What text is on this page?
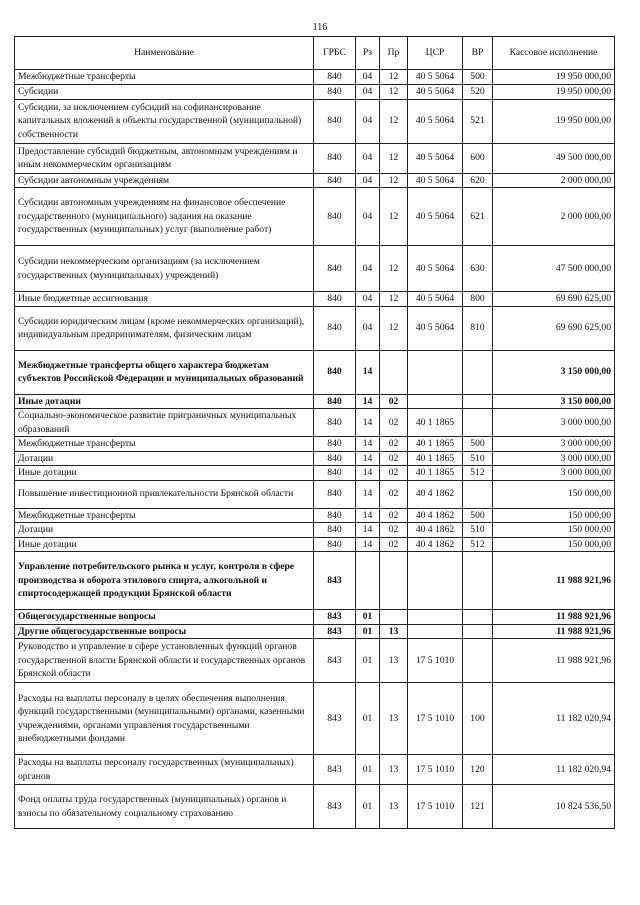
116
Наименование	ГРБС	Рз	Пр	ЦСР	ВР	Кассовое исполнение
Межбюджетные трансферты	840	04	12	40 5 5064	500	19 950 000,00
Субсидии	840	04	12	40 5 5064	520	19 950 000,00
Субсидии, за исключением субсидий на софинансирование капитальных вложений в объекты государственной (муниципальной) собственности	840	04	12	40 5 5064	521	19 950 000,00
Предоставление субсидий бюджетным, автономным учреждениям и иным некоммерческим организациям	840	04	12	40 5 5064	600	49 500 000,00
Субсидии автономным учреждениям	840	04	12	40 5 5064	620	2 000 000,00
Субсидии автономным учреждениям на финансовое обеспечение государственного (муниципального) задания на оказание государственных (муниципальных) услуг (выполнение работ)	840	04	12	40 5 5064	621	2 000 000,00
Субсидии некоммерческим организациям (за исключением государственных (муниципальных) учреждений)	840	04	12	40 5 5064	630	47 500 000,00
Иные бюджетные ассигнования	840	04	12	40 5 5064	800	69 690 625,00
Субсидии юридическим лицам (кроме некоммерческих организаций), индивидуальным предпринимателям, физическим лицам	840	04	12	40 5 5064	810	69 690 625,00
Межбюджетные трансферты общего характера бюджетам субъектов Российской Федерации и муниципальных образований	840	14				3 150 000,00
Иные дотации	840	14	02			3 150 000,00
Социально-экономическое развитие приграничных муниципальных образований	840	14	02	40 1 1865		3 000 000,00
Межбюджетные трансферты	840	14	02	40 1 1865	500	3 000 000,00
Дотации	840	14	02	40 1 1865	510	3 000 000,00
Иные дотации	840	14	02	40 1 1865	512	3 000 000,00
Повышение инвестиционной привлекательности Брянской области	840	14	02	40 4 1862		150 000,00
Межбюджетные трансферты	840	14	02	40 4 1862	500	150 000,00
Дотации	840	14	02	40 4 1862	510	150 000,00
Иные дотации	840	14	02	40 4 1862	512	150 000,00
Управление потребительского рынка и услуг, контроля в сфере производства и оборота этилового спирта, алкогольной и спиртосодержащей продукции Брянской области	843					11 988 921,96
Общегосударственные вопросы	843	01				11 988 921,96
Другие общегосударственные вопросы	843	01	13			11 988 921,96
Руководство и управление в сфере установленных функций органов государственной власти Брянской области и государственных органов Брянской области	843	01	13	17 5 1010		11 988 921,96
Расходы на выплаты персоналу в целях обеспечения выполнения функций государственными (муниципальными) органами, казенными учреждениями, органами управления государственными внебюджетными фондами	843	01	13	17 5 1010	100	11 182 020,94
Расходы на выплаты персоналу государственных (муниципальных) органов	843	01	13	17 5 1010	120	11 182 020,94
Фонд оплаты труда государственных (муниципальных) органов и взносы по обязательному социальному страхованию	843	01	13	17 5 1010	121	10 824 536,50
